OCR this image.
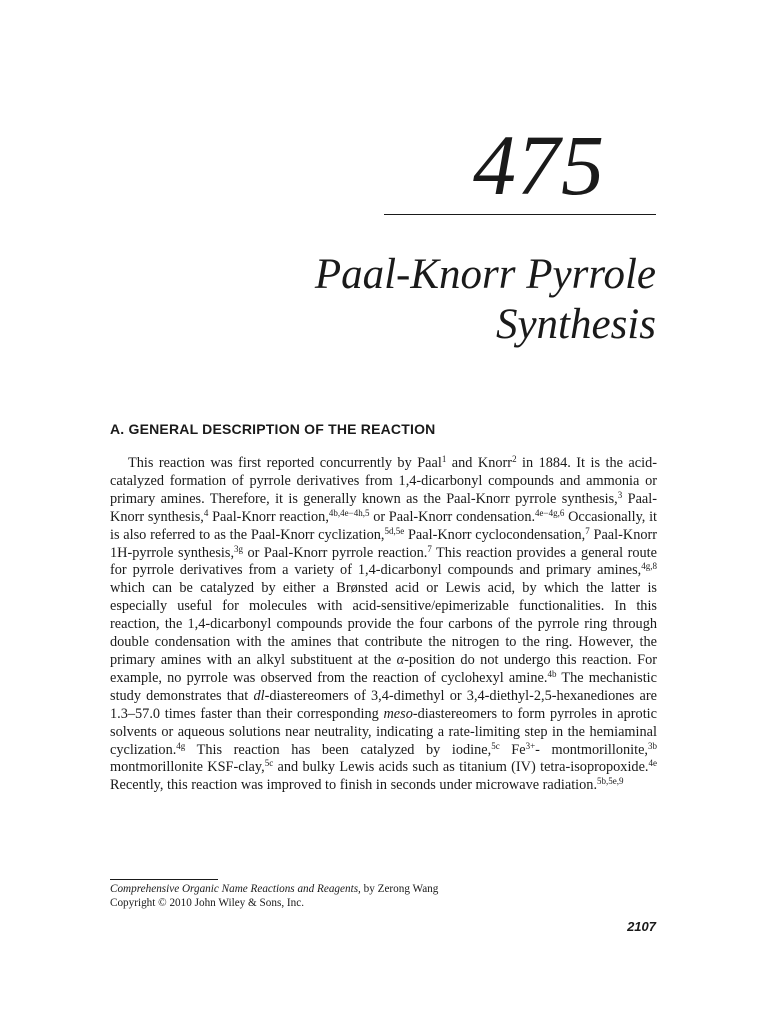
475
Paal-Knorr Pyrrole
Synthesis
A. GENERAL DESCRIPTION OF THE REACTION

This reaction was first reported concurrently by Paal$^1$ and Knorr$^2$ in 1884. It is the acid-catalyzed formation of pyrrole derivatives from 1,4-dicarbonyl compounds and ammonia or primary amines. Therefore, it is generally known as the Paal-Knorr pyrrole synthesis,$^3$ Paal-Knorr synthesis,$^4$ Paal-Knorr reaction,$^{4b,4e-4h,5}$ or Paal-Knorr condensation.$^{4e-4g,6}$ Occasionally, it is also referred to as the Paal-Knorr cyclization,$^{5d,5e}$ Paal-Knorr cyclocondensation,$^7$ Paal-Knorr 1H-pyrrole synthesis,$^{3g}$ or Paal-Knorr pyrrole reaction.$^7$ This reaction provides a general route for pyrrole derivatives from a variety of 1,4-dicarbonyl compounds and primary amines,$^{4g,8}$ which can be catalyzed by either a Brønsted acid or Lewis acid, by which the latter is especially useful for molecules with acid-sensitive/epimerizable functionalities. In this reaction, the 1,4-dicarbonyl compounds provide the four carbons of the pyrrole ring through double condensation with the amines that contribute the nitrogen to the ring. However, the primary amines with an alkyl substituent at the α-position do not undergo this reaction. For example, no pyrrole was observed from the reaction of cyclohexyl amine.$^{4b}$ The mechanistic study demonstrates that dl-diastereomers of 3,4-dimethyl or 3,4-diethyl-2,5-hexanediones are 1.3–57.0 times faster than their corresponding meso-diastereomers to form pyrroles in aprotic solvents or aqueous solutions near neutrality, indicating a rate-limiting step in the hemiaminal cyclization.$^{4g}$ This reaction has been catalyzed by iodine,$^{5c}$ $Fe^{3+}-$ montmorillonite,$^{3b}$ montmorillonite KSF-clay,$^{5c}$ and bulky Lewis acids such as titanium (IV) tetra-isopropoxide.$^{4e}$ Recently, this reaction was improved to finish in seconds under microwave radiation.$^{5b,5e,9}$

Comprehensive Organic Name Reactions and Reagents, by Zerong Wang
Copyright © 2010 John Wiley & Sons, Inc.
2107
